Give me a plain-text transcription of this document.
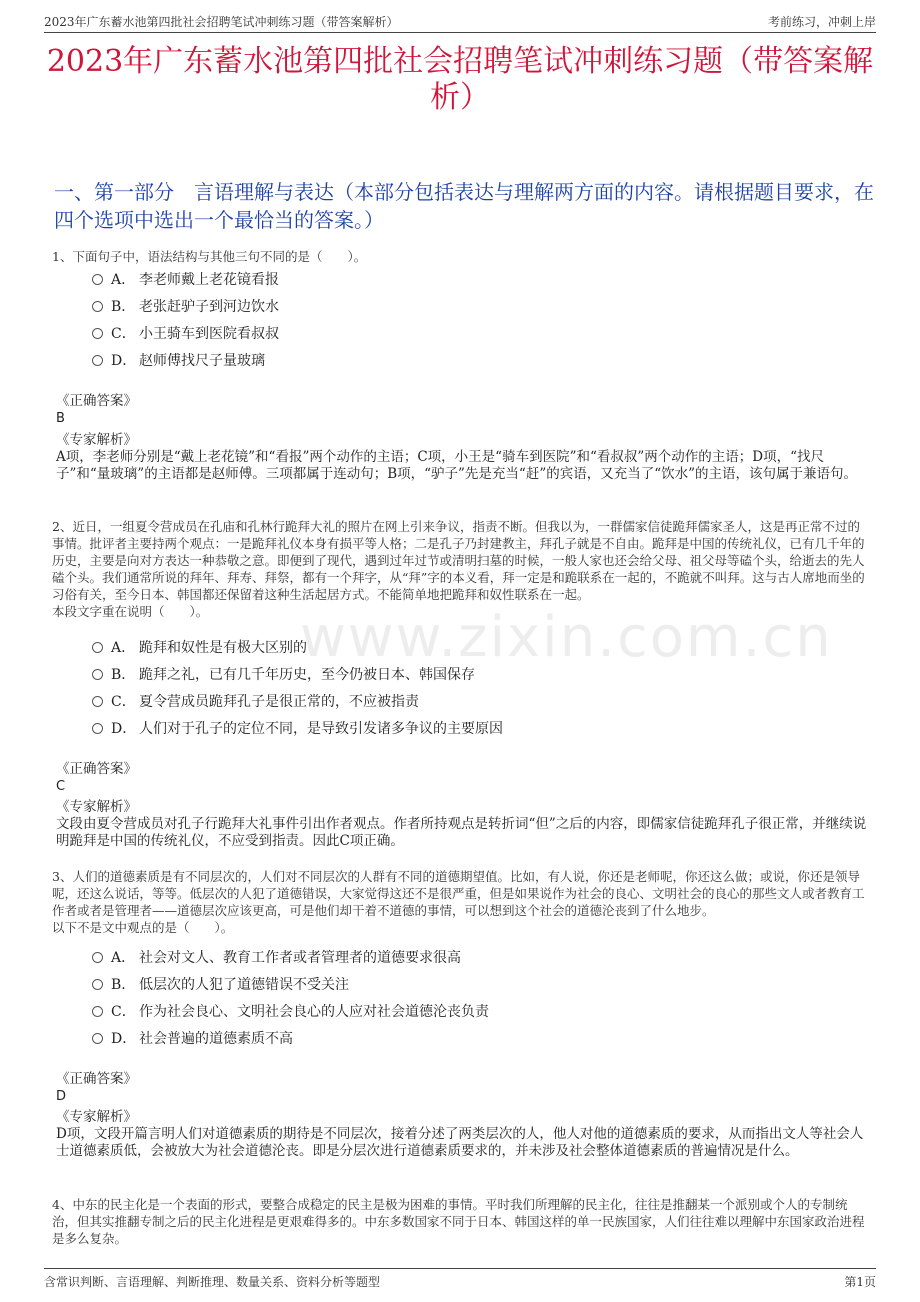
2023年广东蓄水池第四批社会招聘笔试冲刺练习题（带答案解析）	考前练习，冲刺上岸
2023年广东蓄水池第四批社会招聘笔试冲刺练习题（带答案解析）
一、第一部分　言语理解与表达（本部分包括表达与理解两方面的内容。请根据题目要求，在四个选项中选出一个最恰当的答案。）
1、下面句子中，语法结构与其他三句不同的是（　　）。
A． 李老师戴上老花镜看报
B． 老张赶驴子到河边饮水
C． 小王骑车到医院看叔叔
D． 赵师傅找尺子量玻璃
《正确答案》
B
《专家解析》
A项，李老师分别是“戴上老花镜”和“看报”两个动作的主语；C项，小王是“骑车到医院”和“看叔叔”两个动作的主语；D项，“找尺子”和“量玻璃”的主语都是赵师傅。三项都属于连动句；B项，“驴子”先是充当“赶”的宾语，又充当了“饮水”的主语，该句属于兼语句。
2、近日，一组夏令营成员在孔庙和孔林行跪拜大礼的照片在网上引来争议，指责不断。但我以为，一群儒家信徒跪拜儒家圣人，这是再正常不过的事情。批评者主要持两个观点：一是跪拜礼仪本身有损平等人格；二是孔子乃封建教主，拜孔子就是不自由。跪拜是中国的传统礼仪，已有几千年的历史，主要是向对方表达一种恭敬之意。即便到了现代，遇到过年过节或清明扫墓的时候，一般人家也还会给父母、祖父母等磕个头，给逝去的先人磕个头。我们通常所说的拜年、拜寿、拜祭，都有一个拜字，从“拜”字的本义看，拜一定是和跪联系在一起的，不跪就不叫拜。这与古人席地而坐的习俗有关，至今日本、韩国都还保留着这种生活起居方式。不能简单地把跪拜和奴性联系在一起。
本段文字重在说明（　　）。
A． 跪拜和奴性是有极大区别的
B． 跪拜之礼，已有几千年历史，至今仍被日本、韩国保存
C． 夏令营成员跪拜孔子是很正常的，不应被指责
D． 人们对于孔子的定位不同，是导致引发诸多争议的主要原因
《正确答案》
C
《专家解析》
文段由夏令营成员对孔子行跪拜大礼事件引出作者观点。作者所持观点是转折词“但”之后的内容，即儒家信徒跪拜孔子很正常，并继续说明跪拜是中国的传统礼仪，不应受到指责。因此C项正确。
3、人们的道德素质是有不同层次的，人们对不同层次的人群有不同的道德期望值。比如，有人说，你还是老师呢，你还这么做；或说，你还是领导呢，还这么说话，等等。低层次的人犯了道德错误，大家觉得这还不是很严重，但是如果说作为社会的良心、文明社会的良心的那些文人或者教育工作者或者是管理者——道德层次应该更高，可是他们却干着不道德的事情，可以想到这个社会的道德沦丧到了什么地步。
以下不是文中观点的是（　　）。
A． 社会对文人、教育工作者或者管理者的道德要求很高
B． 低层次的人犯了道德错误不受关注
C． 作为社会良心、文明社会良心的人应对社会道德沦丧负责
D． 社会普遍的道德素质不高
《正确答案》
D
《专家解析》
D项，文段开篇言明人们对道德素质的期待是不同层次，接着分述了两类层次的人，他人对他的道德素质的要求，从而指出文人等社会人士道德素质低，会被放大为社会道德沦丧。即是分层次进行道德素质要求的，并未涉及社会整体道德素质的普遍情况是什么。
4、中东的民主化是一个表面的形式，要整合成稳定的民主是极为困难的事情。平时我们所理解的民主化，往往是推翻某一个派别或个人的专制统治，但其实推翻专制之后的民主化进程是更艰难得多的。中东多数国家不同于日本、韩国这样的单一民族国家，人们往往难以理解中东国家政治进程是多么复杂。
www.zixin.com.cn
含常识判断、言语理解、判断推理、数量关系、资料分析等题型	第1页
